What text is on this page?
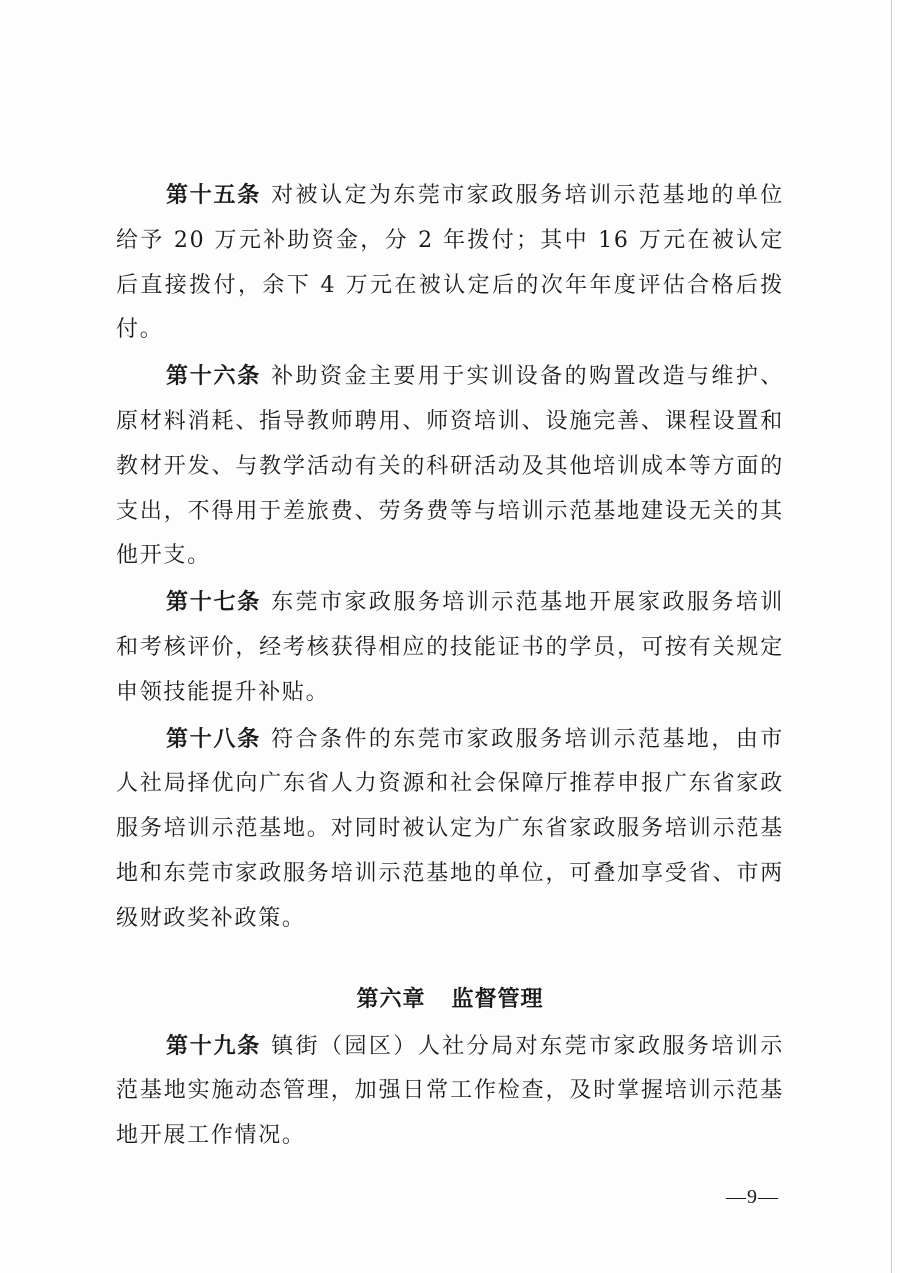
第十五条 对被认定为东莞市家政服务培训示范基地的单位给予 20 万元补助资金，分 2 年拨付；其中 16 万元在被认定后直接拨付，余下 4 万元在被认定后的次年年度评估合格后拨付。

第十六条 补助资金主要用于实训设备的购置改造与维护、原材料消耗、指导教师聘用、师资培训、设施完善、课程设置和教材开发、与教学活动有关的科研活动及其他培训成本等方面的支出，不得用于差旅费、劳务费等与培训示范基地建设无关的其他开支。

第十七条 东莞市家政服务培训示范基地开展家政服务培训和考核评价，经考核获得相应的技能证书的学员，可按有关规定申领技能提升补贴。

第十八条 符合条件的东莞市家政服务培训示范基地，由市人社局择优向广东省人力资源和社会保障厅推荐申报广东省家政服务培训示范基地。对同时被认定为广东省家政服务培训示范基地和东莞市家政服务培训示范基地的单位，可叠加享受省、市两级财政奖补政策。

第六章 监督管理

第十九条 镇街（园区）人社分局对东莞市家政服务培训示范基地实施动态管理，加强日常工作检查，及时掌握培训示范基地开展工作情况。

—9—
